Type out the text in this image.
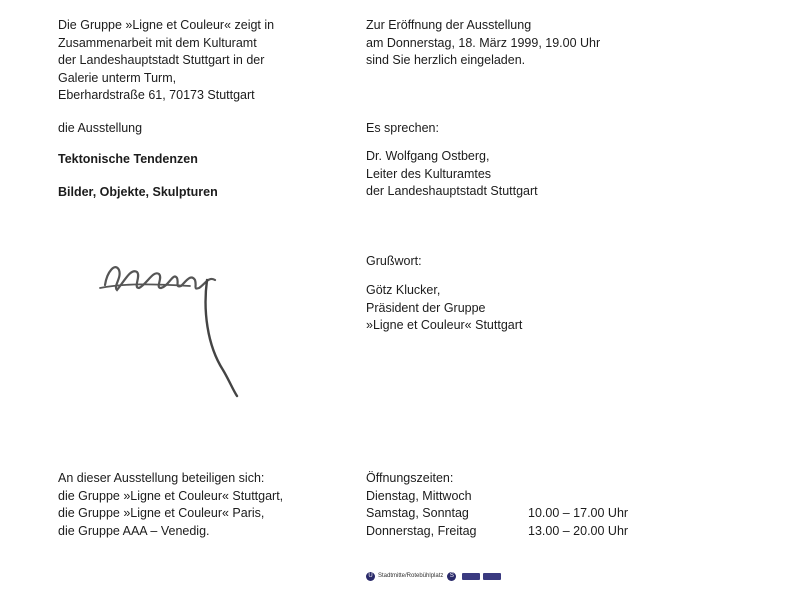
Die Gruppe »Ligne et Couleur« zeigt in
Zusammenarbeit mit dem Kulturamt
der Landeshauptstadt Stuttgart in der
Galerie unterm Turm,
Eberhardstraße 61, 70173 Stuttgart
die Ausstellung
Tektonische Tendenzen
Bilder, Objekte, Skulpturen
Zur Eröffnung der Ausstellung
am Donnerstag, 18. März 1999, 19.00 Uhr
sind Sie herzlich eingeladen.
Es sprechen:
Dr. Wolfgang Ostberg,
Leiter des Kulturamtes
der Landeshauptstadt Stuttgart
Grußwort:
Götz Klucker,
Präsident der Gruppe
»Ligne et Couleur« Stuttgart
An dieser Ausstellung beteiligen sich:
die Gruppe »Ligne et Couleur« Stuttgart,
die Gruppe »Ligne et Couleur« Paris,
die Gruppe AAA – Venedig.
Öffnungszeiten:
Dienstag, Mittwoch
Samstag, Sonntag	10.00 – 17.00 Uhr
Donnerstag, Freitag	13.00 – 20.00 Uhr
U Stadtmitte/Rotebühlplatz	S
